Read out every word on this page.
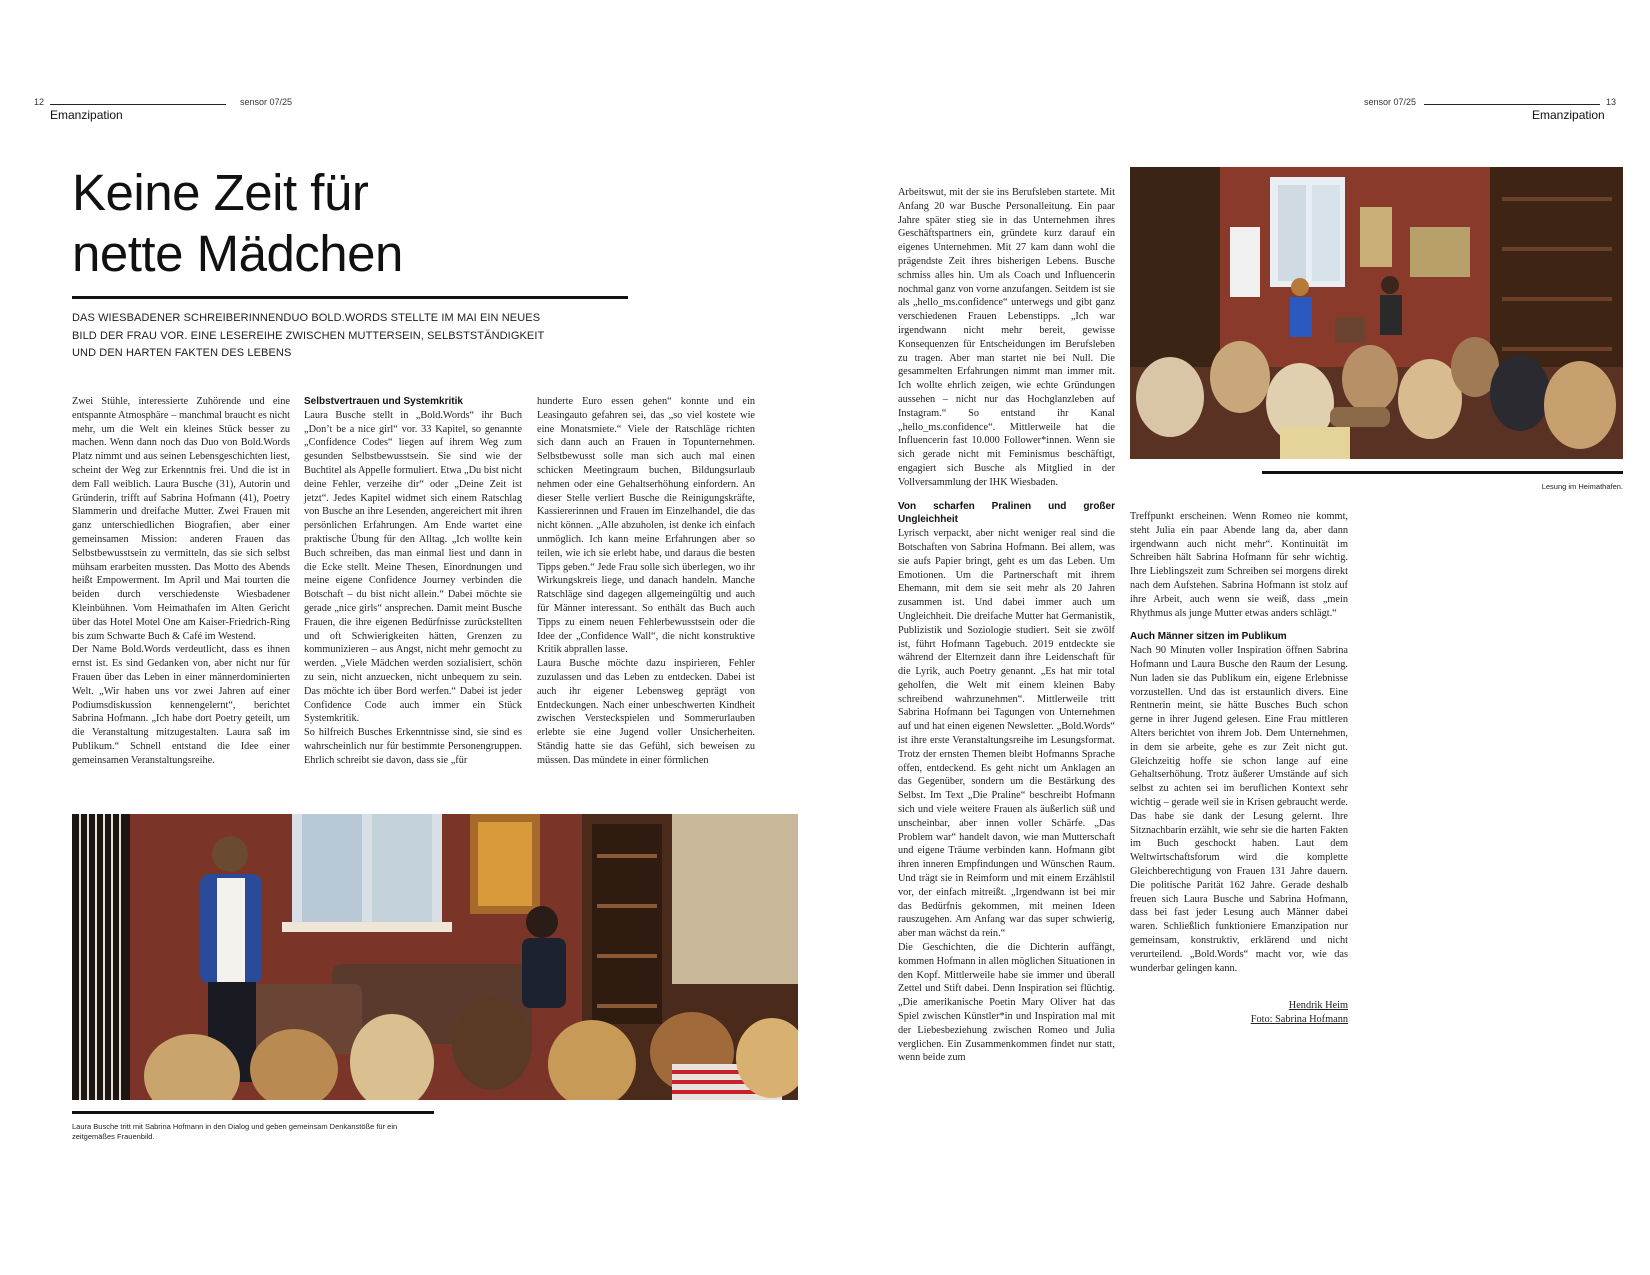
12	sensor 07/25
Emanzipation
sensor 07/25	13
Emanzipation
Keine Zeit für
nette Mädchen
DAS WIESBADENER SCHREIBERINNENDUO BOLD.WORDS STELLTE IM MAI EIN NEUES
BILD DER FRAU VOR. EINE LESEREIHE ZWISCHEN MUTTERSEIN, SELBSTSTÄNDIGKEIT
UND DEN HARTEN FAKTEN DES LEBENS

Zwei Stühle, interessierte Zuhörende und eine entspannte Atmosphäre – manchmal braucht es nicht mehr, um die Welt ein kleines Stück besser zu machen. Wenn dann noch das Duo von Bold.Words Platz nimmt und aus seinen Lebensgeschichten liest, scheint der Weg zur Erkenntnis frei. Und die ist in dem Fall weiblich. Laura Busche (31), Autorin und Gründerin, trifft auf Sabrina Hofmann (41), Poetry Slammerin und dreifache Mutter. Zwei Frauen mit ganz unterschiedlichen Biografien, aber einer gemeinsamen Mission: anderen Frauen das Selbstbewusstsein zu vermitteln, das sie sich selbst mühsam erarbeiten mussten. Das Motto des Abends heißt Empowerment. Im April und Mai tourten die beiden durch verschiedenste Wiesbadener Kleinbühnen. Vom Heimathafen im Alten Gericht über das Hotel Motel One am Kaiser-Friedrich-Ring bis zum Schwarte Buch & Café im Westend.

Der Name Bold.Words verdeutlicht, dass es ihnen ernst ist. Es sind Gedanken von, aber nicht nur für Frauen über das Leben in einer männerdominierten Welt. „Wir haben uns vor zwei Jahren auf einer Podiumsdiskussion kennengelernt“, berichtet Sabrina Hofmann. „Ich habe dort Poetry geteilt, um die Veranstaltung mitzugestalten. Laura saß im Publikum.“ Schnell entstand die Idee einer gemeinsamen Veranstaltungsreihe.

Selbstvertrauen und Systemkritik

Laura Busche stellt in „Bold.Words“ ihr Buch „Don’t be a nice girl“ vor. 33 Kapitel, so genannte „Confidence Codes“ liegen auf ihrem Weg zum gesunden Selbstbewusstsein. Sie sind wie der Buchtitel als Appelle formuliert. Etwa „Du bist nicht deine Fehler, verzeihe dir“ oder „Deine Zeit ist jetzt“. Jedes Kapitel widmet sich einem Ratschlag von Busche an ihre Lesenden, angereichert mit ihren persönlichen Erfahrungen. Am Ende wartet eine praktische Übung für den Alltag. „Ich wollte kein Buch schreiben, das man einmal liest und dann in die Ecke stellt. Meine Thesen, Einordnungen und meine eigene Confidence Journey verbinden die Botschaft – du bist nicht allein.“ Dabei möchte sie gerade „nice girls“ ansprechen. Damit meint Busche Frauen, die ihre eigenen Bedürfnisse zurückstellten und oft Schwierigkeiten hätten, Grenzen zu kommunizieren – aus Angst, nicht mehr gemocht zu werden. „Viele Mädchen werden sozialisiert, schön zu sein, nicht anzuecken, nicht unbequem zu sein. Das möchte ich über Bord werfen.“ Dabei ist jeder Confidence Code auch immer ein Stück Systemkritik.

So hilfreich Busches Erkenntnisse sind, sie sind es wahrscheinlich nur für bestimmte Personengruppen. Ehrlich schreibt sie davon, dass sie „für

hunderte Euro essen gehen“ konnte und ein Leasingauto gefahren sei, das „so viel kostete wie eine Monatsmiete.“ Viele der Ratschläge richten sich dann auch an Frauen in Topunternehmen. Selbstbewusst solle man sich auch mal einen schicken Meetingraum buchen, Bildungsurlaub nehmen oder eine Gehaltserhöhung einfordern. An dieser Stelle verliert Busche die Reinigungskräfte, Kassiererinnen und Frauen im Einzelhandel, die das nicht können. „Alle abzuholen, ist denke ich einfach unmöglich. Ich kann meine Erfahrungen aber so teilen, wie ich sie erlebt habe, und daraus die besten Tipps geben.“ Jede Frau solle sich überlegen, wo ihr Wirkungskreis liege, und danach handeln. Manche Ratschläge sind dagegen allgemeingültig und auch für Männer interessant. So enthält das Buch auch Tipps zu einem neuen Fehlerbewusstsein oder die Idee der „Confidence Wall“, die nicht konstruktive Kritik abprallen lasse.

Laura Busche möchte dazu inspirieren, Fehler zuzulassen und das Leben zu entdecken. Dabei ist auch ihr eigener Lebensweg geprägt von Entdeckungen. Nach einer unbeschwerten Kindheit zwischen Versteckspielen und Sommerurlauben erlebte sie eine Jugend voller Unsicherheiten. Ständig hatte sie das Gefühl, sich beweisen zu müssen. Das mündete in einer förmlichen

Laura Busche tritt mit Sabrina Hofmann in den Dialog und geben gemeinsam Denkanstöße für ein zeitgemäßes Frauenbild.

Arbeitswut, mit der sie ins Berufsleben startete. Mit Anfang 20 war Busche Personalleitung. Ein paar Jahre später stieg sie in das Unternehmen ihres Geschäftspartners ein, gründete kurz darauf ein eigenes Unternehmen. Mit 27 kam dann wohl die prägendste Zeit ihres bisherigen Lebens. Busche schmiss alles hin. Um als Coach und Influencerin nochmal ganz von vorne anzufangen. Seitdem ist sie als „hello_ms.confidence“ unterwegs und gibt ganz verschiedenen Frauen Lebenstipps. „Ich war irgendwann nicht mehr bereit, gewisse Konsequenzen für Entscheidungen im Berufsleben zu tragen. Aber man startet nie bei Null. Die gesammelten Erfahrungen nimmt man immer mit. Ich wollte ehrlich zeigen, wie echte Gründungen aussehen – nicht nur das Hochglanzleben auf Instagram.“ So entstand ihr Kanal „hello_ms.confidence“. Mittlerweile hat die Influencerin fast 10.000 Follower*innen. Wenn sie sich gerade nicht mit Feminismus beschäftigt, engagiert sich Busche als Mitglied in der Vollversammlung der IHK Wiesbaden.

Von scharfen Pralinen und großer Ungleichheit

Lyrisch verpackt, aber nicht weniger real sind die Botschaften von Sabrina Hofmann. Bei allem, was sie aufs Papier bringt, geht es um das Leben. Um Emotionen. Um die Partnerschaft mit ihrem Ehemann, mit dem sie seit mehr als 20 Jahren zusammen ist. Und dabei immer auch um Ungleichheit. Die dreifache Mutter hat Germanistik, Publizistik und Soziologie studiert. Seit sie zwölf ist, führt Hofmann Tagebuch. 2019 entdeckte sie während der Elternzeit dann ihre Leidenschaft für die Lyrik, auch Poetry genannt. „Es hat mir total geholfen, die Welt mit einem kleinen Baby schreibend wahrzunehmen“. Mittlerweile tritt Sabrina Hofmann bei Tagungen von Unternehmen auf und hat einen eigenen Newsletter. „Bold.Words“ ist ihre erste Veranstaltungsreihe im Lesungsformat. Trotz der ernsten Themen bleibt Hofmanns Sprache offen, entdeckend. Es geht nicht um Anklagen an das Gegenüber, sondern um die Bestärkung des Selbst. Im Text „Die Praline“ beschreibt Hofmann sich und viele weitere Frauen als äußerlich süß und unscheinbar, aber innen voller Schärfe. „Das Problem war“ handelt davon, wie man Mutterschaft und eigene Träume verbinden kann. Hofmann gibt ihren inneren Empfindungen und Wünschen Raum. Und trägt sie in Reimform und mit einem Erzählstil vor, der einfach mitreißt. „Irgendwann ist bei mir das Bedürfnis gekommen, mit meinen Ideen rauszugehen. Am Anfang war das super schwierig, aber man wächst da rein.“

Die Geschichten, die die Dichterin auffängt, kommen Hofmann in allen möglichen Situationen in den Kopf. Mittlerweile habe sie immer und überall Zettel und Stift dabei. Denn Inspiration sei flüchtig. „Die amerikanische Poetin Mary Oliver hat das Spiel zwischen Künstler*in und Inspiration mal mit der Liebesbeziehung zwischen Romeo und Julia verglichen. Ein Zusammenkommen findet nur statt, wenn beide zum

Treffpunkt erscheinen. Wenn Romeo nie kommt, steht Julia ein paar Abende lang da, aber dann irgendwann auch nicht mehr“. Kontinuität im Schreiben hält Sabrina Hofmann für sehr wichtig. Ihre Lieblingszeit zum Schreiben sei morgens direkt nach dem Aufstehen. Sabrina Hofmann ist stolz auf ihre Arbeit, auch wenn sie weiß, dass „mein Rhythmus als junge Mutter etwas anders schlägt.“

Auch Männer sitzen im Publikum

Nach 90 Minuten voller Inspiration öffnen Sabrina Hofmann und Laura Busche den Raum der Lesung. Nun laden sie das Publikum ein, eigene Erlebnisse vorzustellen. Und das ist erstaunlich divers. Eine Rentnerin meint, sie hätte Busches Buch schon gerne in ihrer Jugend gelesen. Eine Frau mittleren Alters berichtet von ihrem Job. Dem Unternehmen, in dem sie arbeite, gehe es zur Zeit nicht gut. Gleichzeitig hoffe sie schon lange auf eine Gehaltserhöhung. Trotz äußerer Umstände auf sich selbst zu achten sei im beruflichen Kontext sehr wichtig – gerade weil sie in Krisen gebraucht werde. Das habe sie dank der Lesung gelernt. Ihre Sitznachbarin erzählt, wie sehr sie die harten Fakten im Buch geschockt haben. Laut dem Weltwirtschaftsforum wird die komplette Gleichberechtigung von Frauen 131 Jahre dauern. Die politische Parität 162 Jahre. Gerade deshalb freuen sich Laura Busche und Sabrina Hofmann, dass bei fast jeder Lesung auch Männer dabei waren. Schließlich funktioniere Emanzipation nur gemeinsam, konstruktiv, erklärend und nicht verurteilend. „Bold.Words“ macht vor, wie das wunderbar gelingen kann.

Hendrik Heim

Foto: Sabrina Hofmann

Lesung im Heimathafen.
